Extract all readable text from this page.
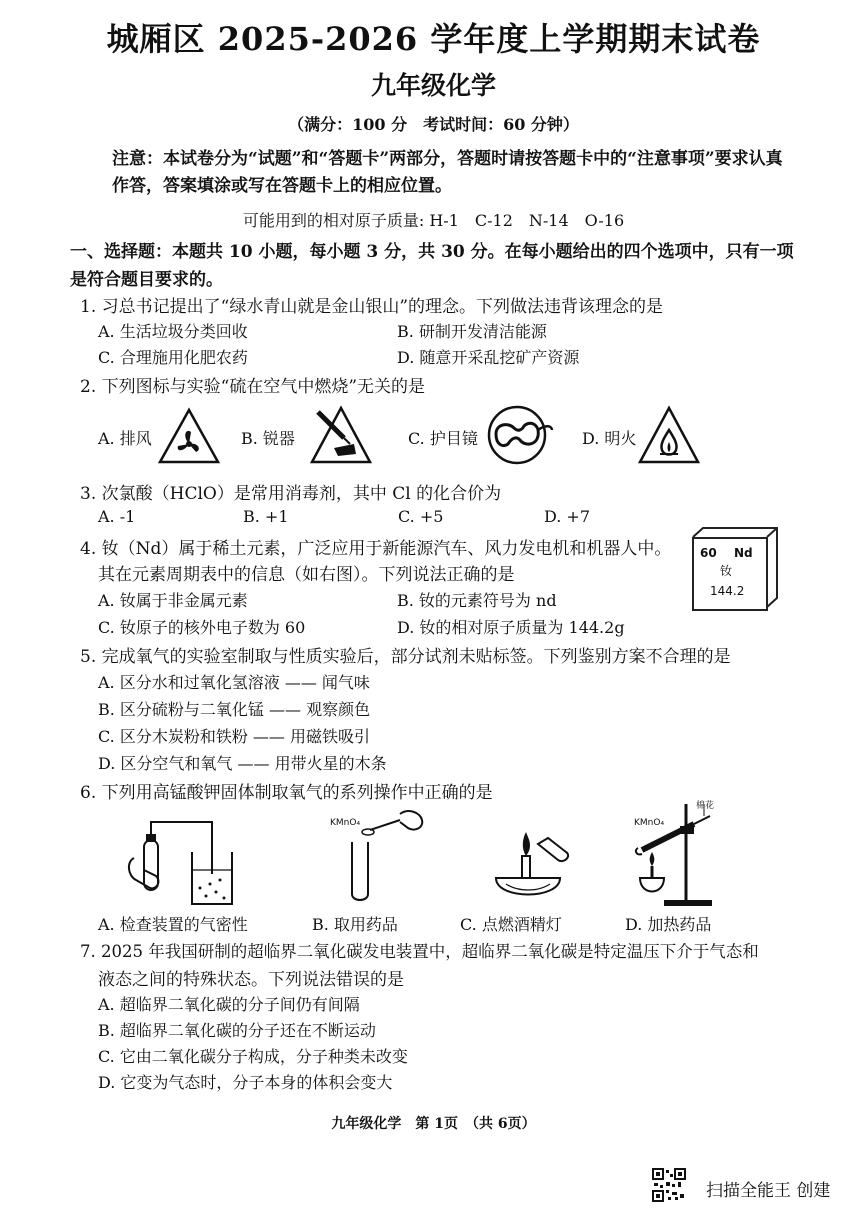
城厢区 2025-2026 学年度上学期期末试卷
九年级化学
（满分：100 分　考试时间：60 分钟）
注意：本试卷分为“试题”和“答题卡”两部分，答题时请按答题卡中的“注意事项”要求认真作答，答案填涂或写在答题卡上的相应位置。
可能用到的相对原子质量: H-1　C-12　N-14　O-16
一、选择题：本题共 10 小题，每小题 3 分，共 30 分。在每小题给出的四个选项中，只有一项是符合题目要求的。
1. 习总书记提出了“绿水青山就是金山银山”的理念。下列做法违背该理念的是
A. 生活垃圾分类回收	B. 研制开发清洁能源
C. 合理施用化肥农药	D. 随意开采乱挖矿产资源
2. 下列图标与实验“硫在空气中燃烧”无关的是
A. 排风	B. 锐器	C. 护目镜	D. 明火
3. 次氯酸（HClO）是常用消毒剂，其中 Cl 的化合价为
A. -1	B. +1	C. +5	D. +7
4. 钕（Nd）属于稀土元素，广泛应用于新能源汽车、风力发电机和机器人中。
其在元素周期表中的信息（如右图）。下列说法正确的是
A. 钕属于非金属元素	B. 钕的元素符号为 nd
C. 钕原子的核外电子数为 60	D. 钕的相对原子质量为 144.2g
60 Nd
钕
144.2
5. 完成氧气的实验室制取与性质实验后，部分试剂未贴标签。下列鉴别方案不合理的是
A. 区分水和过氧化氢溶液 —— 闻气味
B. 区分硫粉与二氧化锰 —— 观察颜色
C. 区分木炭粉和铁粉 —— 用磁铁吸引
D. 区分空气和氧气 —— 用带火星的木条
6. 下列用高锰酸钾固体制取氧气的系列操作中正确的是
KMnO₄	KMnO₄
棉花
A. 检查装置的气密性	B. 取用药品	C. 点燃酒精灯	D. 加热药品
7. 2025 年我国研制的超临界二氧化碳发电装置中，超临界二氧化碳是特定温压下介于气态和
液态之间的特殊状态。下列说法错误的是
A. 超临界二氧化碳的分子间仍有间隔
B. 超临界二氧化碳的分子还在不断运动
C. 它由二氧化碳分子构成，分子种类未改变
D. 它变为气态时，分子本身的体积会变大
九年级化学　第 1页　（共 6页）
扫描全能王 创建
